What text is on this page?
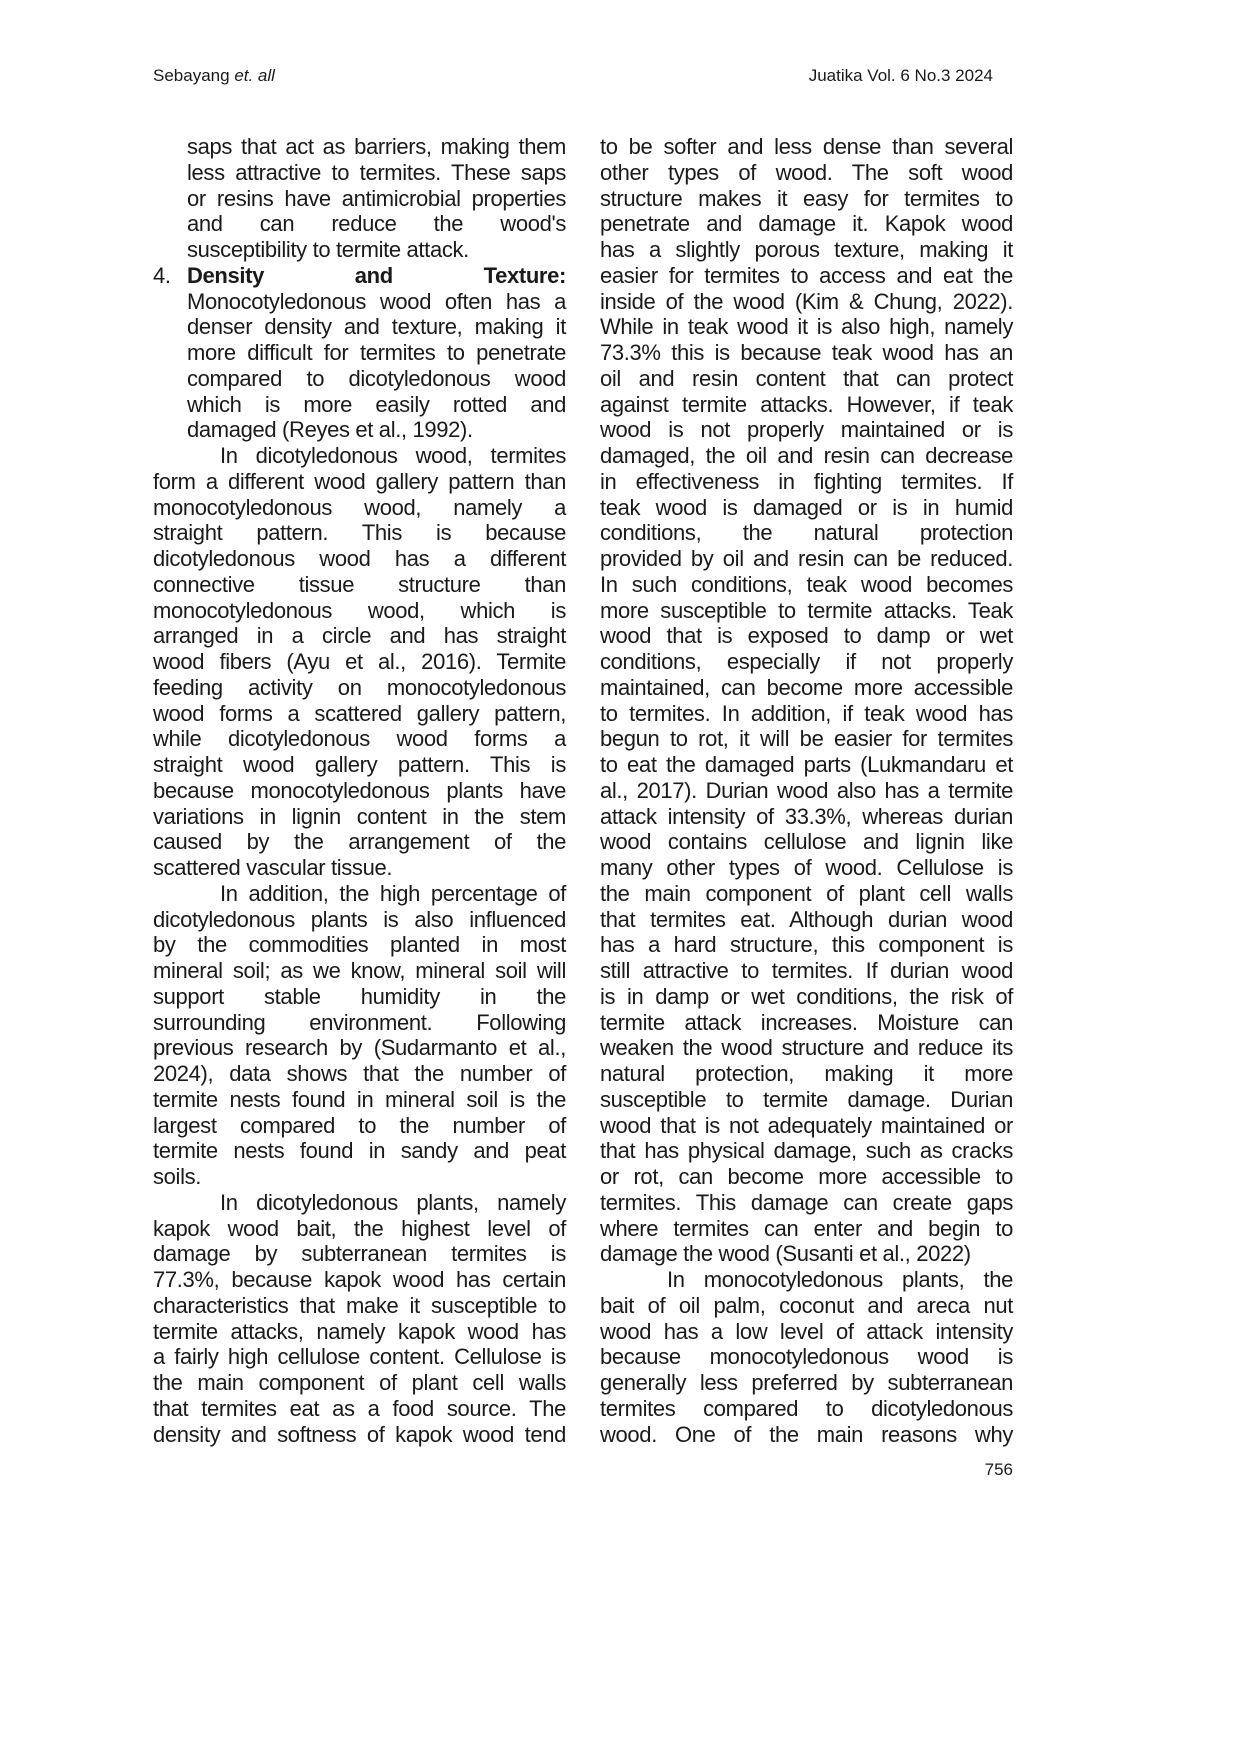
Sebayang et. all	Juatika Vol. 6 No.3 2024
saps that act as barriers, making them
less attractive to termites. These saps
or resins have antimicrobial properties
and can reduce the wood's
susceptibility to termite attack.
4. Density and Texture:
Monocotyledonous wood often has a
denser density and texture, making it
more difficult for termites to penetrate
compared to dicotyledonous wood
which is more easily rotted and
damaged (Reyes et al., 1992).
In dicotyledonous wood, termites
form a different wood gallery pattern than
monocotyledonous wood, namely a
straight pattern. This is because
dicotyledonous wood has a different
connective tissue structure than
monocotyledonous wood, which is
arranged in a circle and has straight
wood fibers (Ayu et al., 2016). Termite
feeding activity on monocotyledonous
wood forms a scattered gallery pattern,
while dicotyledonous wood forms a
straight wood gallery pattern. This is
because monocotyledonous plants have
variations in lignin content in the stem
caused by the arrangement of the
scattered vascular tissue.
In addition, the high percentage of
dicotyledonous plants is also influenced
by the commodities planted in most
mineral soil; as we know, mineral soil will
support stable humidity in the
surrounding environment. Following
previous research by (Sudarmanto et al.,
2024), data shows that the number of
termite nests found in mineral soil is the
largest compared to the number of
termite nests found in sandy and peat
soils.
In dicotyledonous plants, namely
kapok wood bait, the highest level of
damage by subterranean termites is
77.3%, because kapok wood has certain
characteristics that make it susceptible to
termite attacks, namely kapok wood has
a fairly high cellulose content. Cellulose is
the main component of plant cell walls
that termites eat as a food source. The
density and softness of kapok wood tend
to be softer and less dense than several
other types of wood. The soft wood
structure makes it easy for termites to
penetrate and damage it. Kapok wood
has a slightly porous texture, making it
easier for termites to access and eat the
inside of the wood (Kim & Chung, 2022).
While in teak wood it is also high, namely
73.3% this is because teak wood has an
oil and resin content that can protect
against termite attacks. However, if teak
wood is not properly maintained or is
damaged, the oil and resin can decrease
in effectiveness in fighting termites. If
teak wood is damaged or is in humid
conditions, the natural protection
provided by oil and resin can be reduced.
In such conditions, teak wood becomes
more susceptible to termite attacks. Teak
wood that is exposed to damp or wet
conditions, especially if not properly
maintained, can become more accessible
to termites. In addition, if teak wood has
begun to rot, it will be easier for termites
to eat the damaged parts (Lukmandaru et
al., 2017). Durian wood also has a termite
attack intensity of 33.3%, whereas durian
wood contains cellulose and lignin like
many other types of wood. Cellulose is
the main component of plant cell walls
that termites eat. Although durian wood
has a hard structure, this component is
still attractive to termites. If durian wood
is in damp or wet conditions, the risk of
termite attack increases. Moisture can
weaken the wood structure and reduce its
natural protection, making it more
susceptible to termite damage. Durian
wood that is not adequately maintained or
that has physical damage, such as cracks
or rot, can become more accessible to
termites. This damage can create gaps
where termites can enter and begin to
damage the wood (Susanti et al., 2022)
In monocotyledonous plants, the
bait of oil palm, coconut and areca nut
wood has a low level of attack intensity
because monocotyledonous wood is
generally less preferred by subterranean
termites compared to dicotyledonous
wood. One of the main reasons why
756
